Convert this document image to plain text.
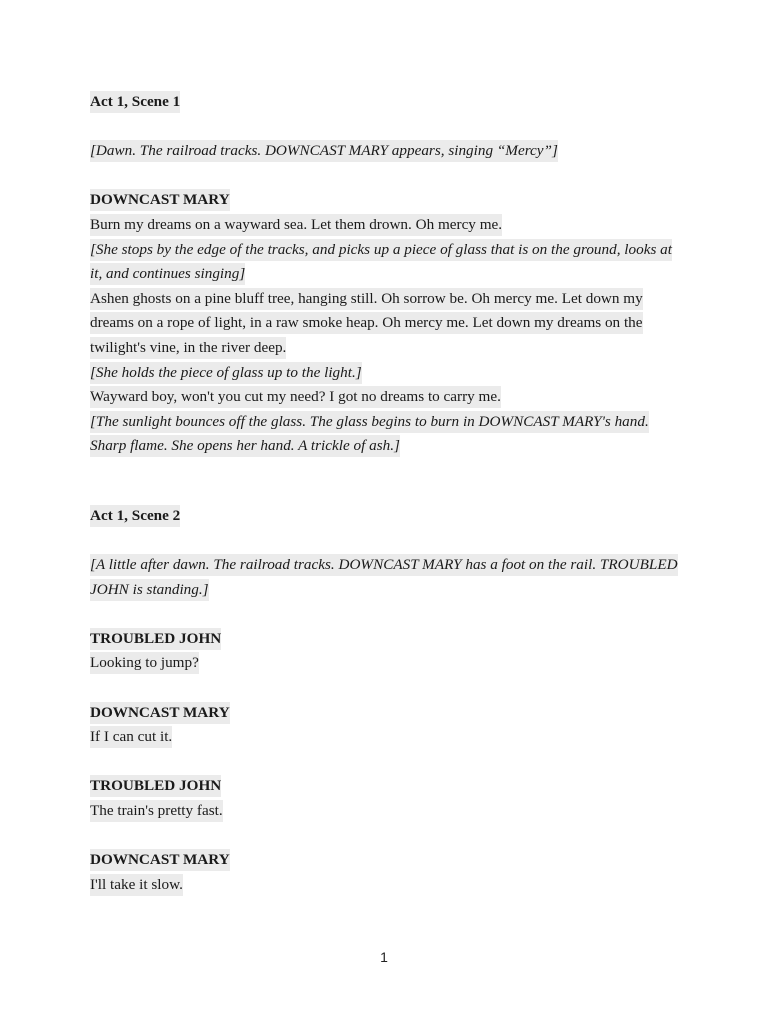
Act 1, Scene 1

[Dawn. The railroad tracks. DOWNCAST MARY appears, singing “Mercy”]

DOWNCAST MARY

Burn my dreams on a wayward sea. Let them drown. Oh mercy me.

[She stops by the edge of the tracks, and picks up a piece of glass that is on the ground, looks at it, and continues singing]

Ashen ghosts on a pine bluff tree, hanging still. Oh sorrow be. Oh mercy me. Let down my dreams on a rope of light, in a raw smoke heap. Oh mercy me. Let down my dreams on the twilight's vine, in the river deep.

[She holds the piece of glass up to the light.]

Wayward boy, won't you cut my need? I got no dreams to carry me.

[The sunlight bounces off the glass. The glass begins to burn in DOWNCAST MARY's hand. Sharp flame. She opens her hand. A trickle of ash.]

Act 1, Scene 2

[A little after dawn. The railroad tracks. DOWNCAST MARY has a foot on the rail. TROUBLED JOHN is standing.]

TROUBLED JOHN

Looking to jump?

DOWNCAST MARY

If I can cut it.

TROUBLED JOHN

The train's pretty fast.

DOWNCAST MARY

I'll take it slow.

1
